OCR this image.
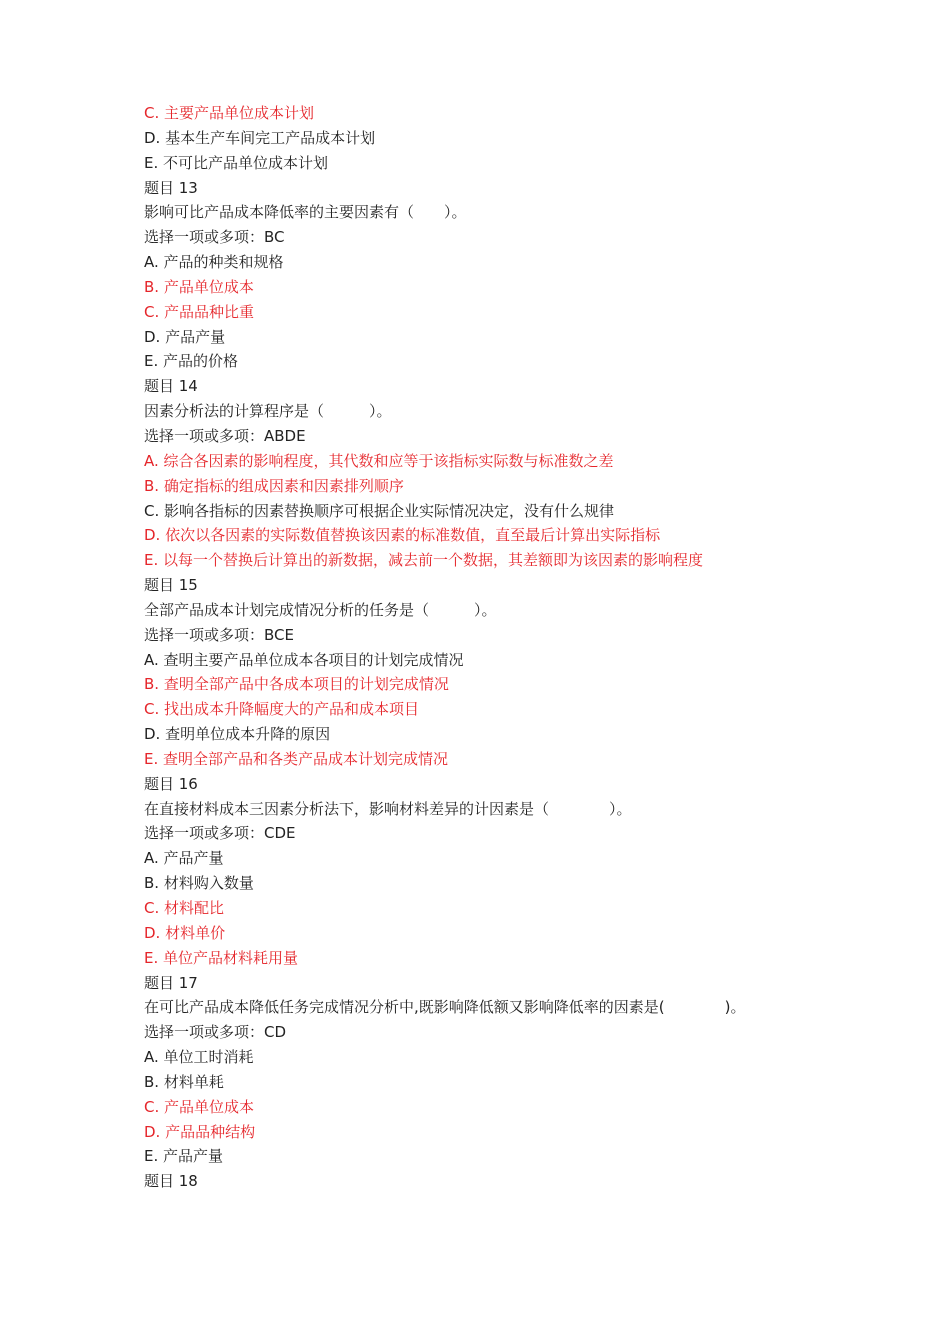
C. 主要产品单位成本计划
D. 基本生产车间完工产品成本计划
E. 不可比产品单位成本计划
题目 13
影响可比产品成本降低率的主要因素有（　　）。
选择一项或多项：BC
A. 产品的种类和规格
B. 产品单位成本
C. 产品品种比重
D. 产品产量
E. 产品的价格
题目 14
因素分析法的计算程序是（　　　）。
选择一项或多项：ABDE
A. 综合各因素的影响程度，其代数和应等于该指标实际数与标准数之差
B. 确定指标的组成因素和因素排列顺序
C. 影响各指标的因素替换顺序可根据企业实际情况决定，没有什么规律
D. 依次以各因素的实际数值替换该因素的标准数值，直至最后计算出实际指标
E. 以每一个替换后计算出的新数据，减去前一个数据，其差额即为该因素的影响程度
题目 15
全部产品成本计划完成情况分析的任务是（　　　）。
选择一项或多项：BCE
A. 查明主要产品单位成本各项目的计划完成情况
B. 查明全部产品中各成本项目的计划完成情况
C. 找出成本升降幅度大的产品和成本项目
D. 查明单位成本升降的原因
E. 查明全部产品和各类产品成本计划完成情况
题目 16
在直接材料成本三因素分析法下，影响材料差异的计因素是（　　　　）。
选择一项或多项：CDE
A. 产品产量
B. 材料购入数量
C. 材料配比
D. 材料单价
E. 单位产品材料耗用量
题目 17
在可比产品成本降低任务完成情况分析中,既影响降低额又影响降低率的因素是(　　　　)。
选择一项或多项：CD
A. 单位工时消耗
B. 材料单耗
C. 产品单位成本
D. 产品品种结构
E. 产品产量
题目 18
